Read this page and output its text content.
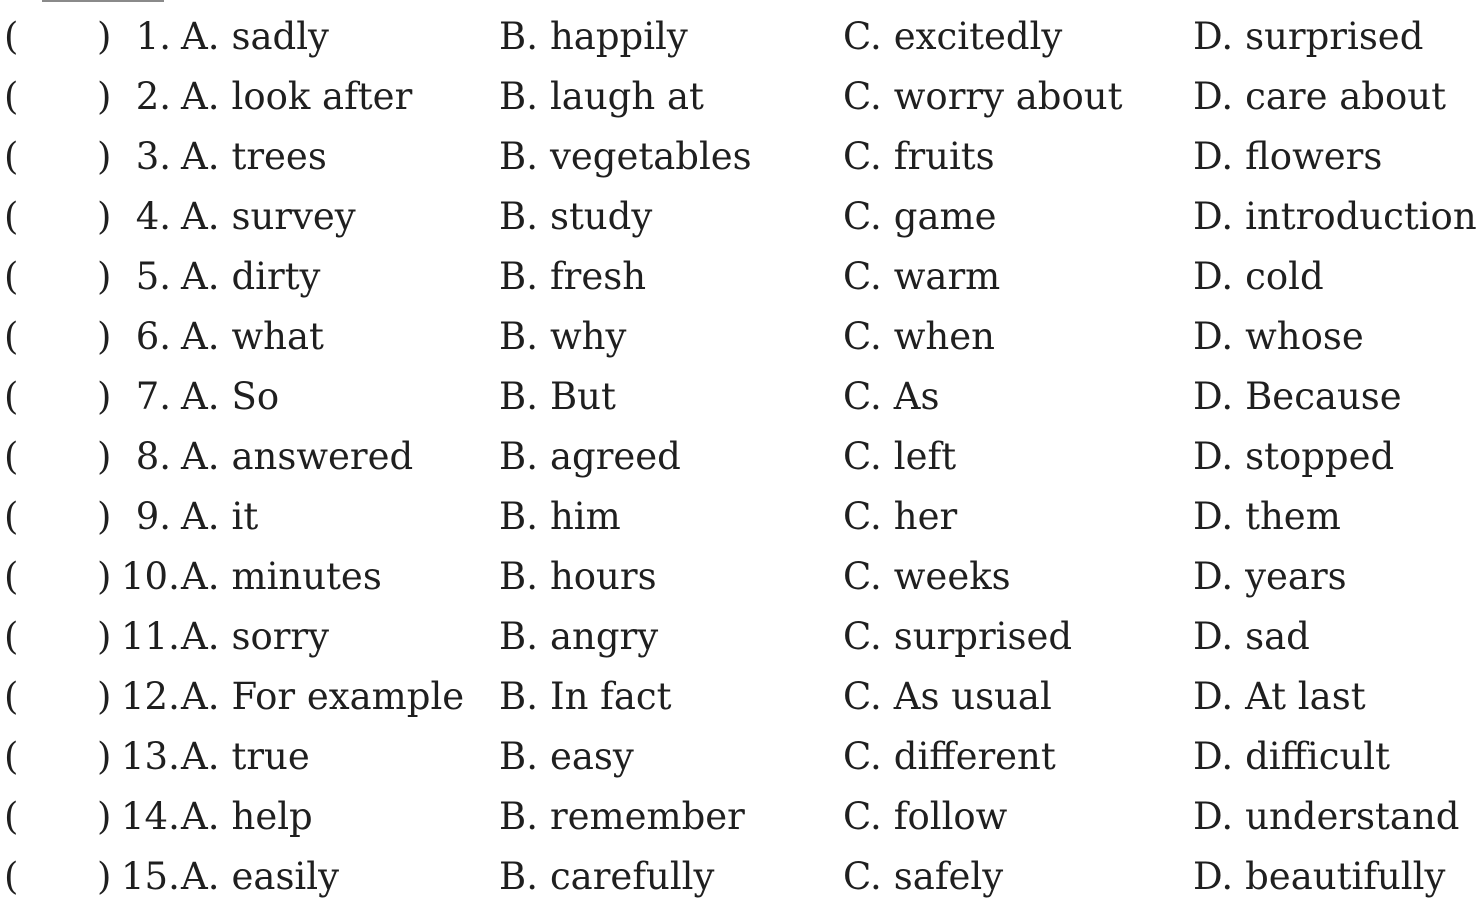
( ) 1. A. sadly	B. happily	C. excitedly	D. surprised
( ) 2. A. look after B. laugh at	C. worry about D. care about
( ) 3. A. trees	B. vegetables C. fruits	D. flowers
( ) 4. A. survey	B. study	C. game	D. introduction
( ) 5. A. dirty	B. fresh	C. warm	D. cold
( ) 6. A. what	B. why	C. when	D. whose
( ) 7. A. So	B. But	C. As	D. Because
( ) 8. A. answered B. agreed	C. left	D. stopped
( ) 9. A. it	B. him	C. her	D. them
( ) 10. A. minutes	B. hours	C. weeks	D. years
( ) 11. A. sorry	B. angry	C. surprised	D. sad
( ) 12. A. For example B. In fact	C. As usual	D. At last
( ) 13. A. true	B. easy	C. different	D. difficult
( ) 14. A. help	B. remember	C. follow	D. understand
( ) 15. A. easily	B. carefully	C. safely	D. beautifully
